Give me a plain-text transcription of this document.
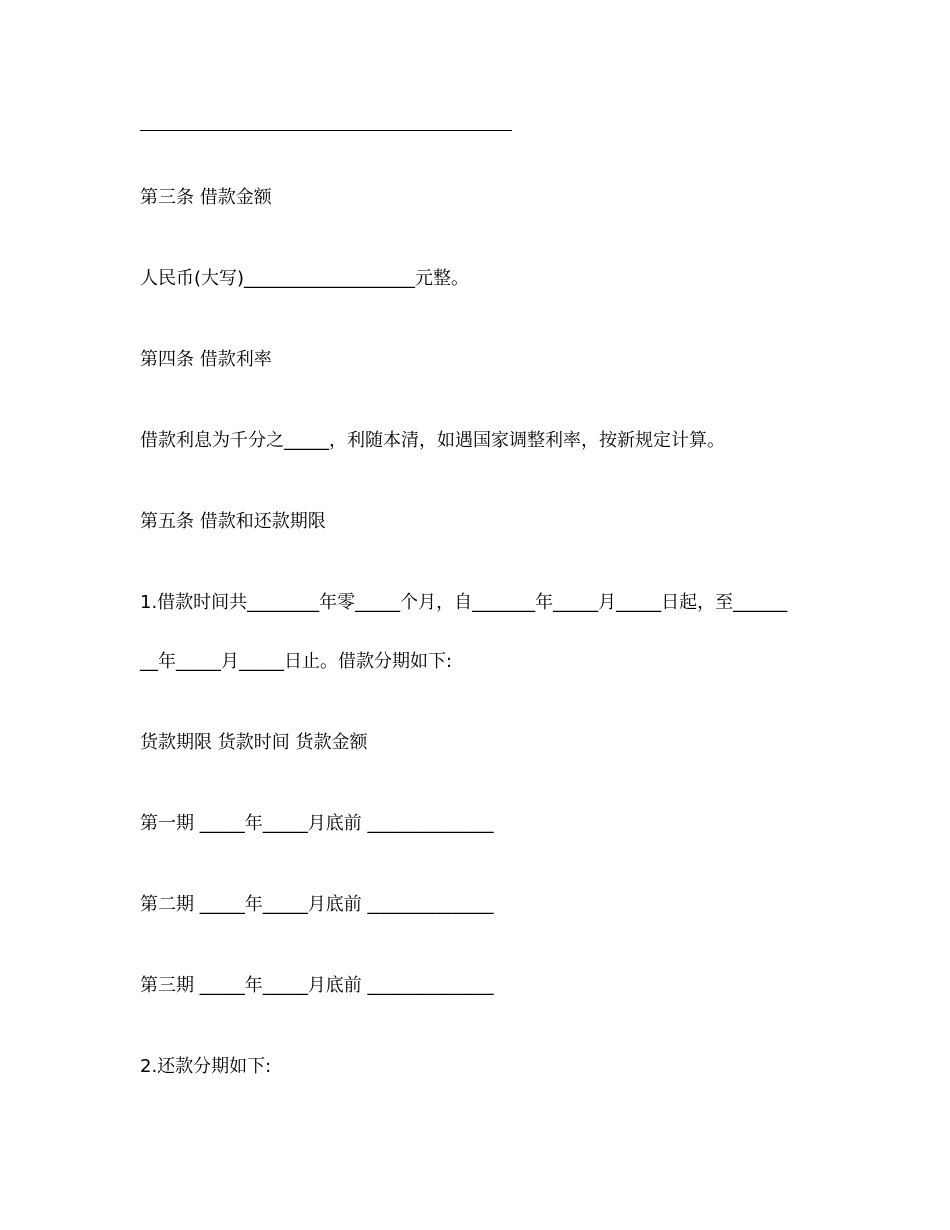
第三条 借款金额
人民币(大写)___________________元整。
第四条 借款利率
借款利息为千分之_____，利随本清，如遇国家调整利率，按新规定计算。
第五条 借款和还款期限
1.借款时间共________年零_____个月，自_______年_____月_____日起，至______
__年_____月_____日止。借款分期如下:
货款期限 货款时间 货款金额
第一期 _____年_____月底前 ______________
第二期 _____年_____月底前 ______________
第三期 _____年_____月底前 ______________
2.还款分期如下:
